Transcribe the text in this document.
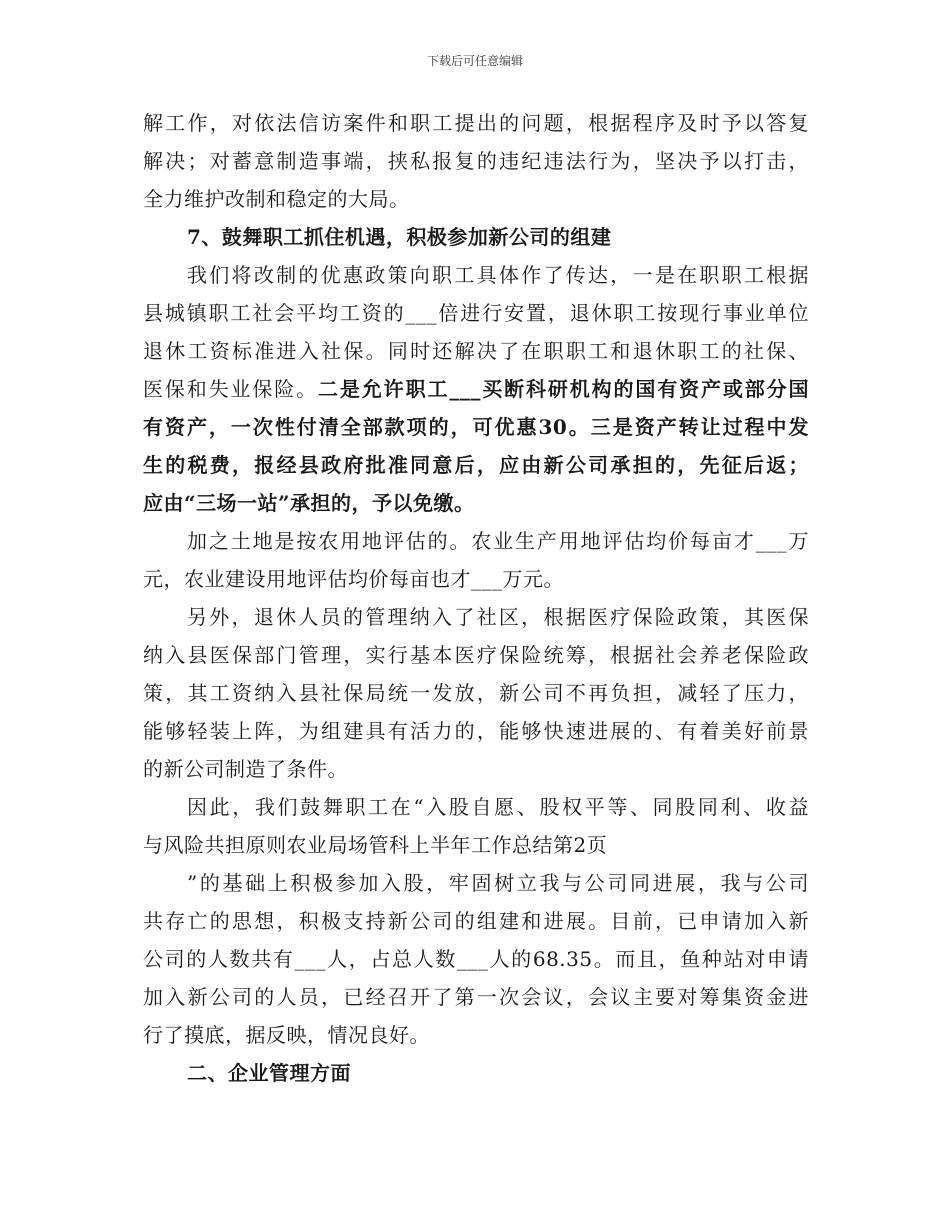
下载后可任意编辑
解工作，对依法信访案件和职工提出的问题，根据程序及时予以答复
解决；对蓄意制造事端，挟私报复的违纪违法行为，坚决予以打击，
全力维护改制和稳定的大局。
7、鼓舞职工抓住机遇，积极参加新公司的组建
我们将改制的优惠政策向职工具体作了传达，一是在职职工根据
县城镇职工社会平均工资的___倍进行安置，退休职工按现行事业单位
退休工资标准进入社保。同时还解决了在职职工和退休职工的社保、
医保和失业保险。二是允许职工___买断科研机构的国有资产或部分国
有资产，一次性付清全部款项的，可优惠30。三是资产转让过程中发
生的税费，报经县政府批准同意后，应由新公司承担的，先征后返；
应由“三场一站”承担的，予以免缴。
加之土地是按农用地评估的。农业生产用地评估均价每亩才___万
元，农业建设用地评估均价每亩也才___万元。
另外，退休人员的管理纳入了社区，根据医疗保险政策，其医保
纳入县医保部门管理，实行基本医疗保险统筹，根据社会养老保险政
策，其工资纳入县社保局统一发放，新公司不再负担，减轻了压力，
能够轻装上阵，为组建具有活力的，能够快速进展的、有着美好前景
的新公司制造了条件。
因此，我们鼓舞职工在“入股自愿、股权平等、同股同利、收益
与风险共担原则农业局场管科上半年工作总结第2页
”的基础上积极参加入股，牢固树立我与公司同进展，我与公司
共存亡的思想，积极支持新公司的组建和进展。目前，已申请加入新
公司的人数共有___人，占总人数___人的68.35。而且，鱼种站对申请
加入新公司的人员，已经召开了第一次会议，会议主要对筹集资金进
行了摸底，据反映，情况良好。
二、企业管理方面
